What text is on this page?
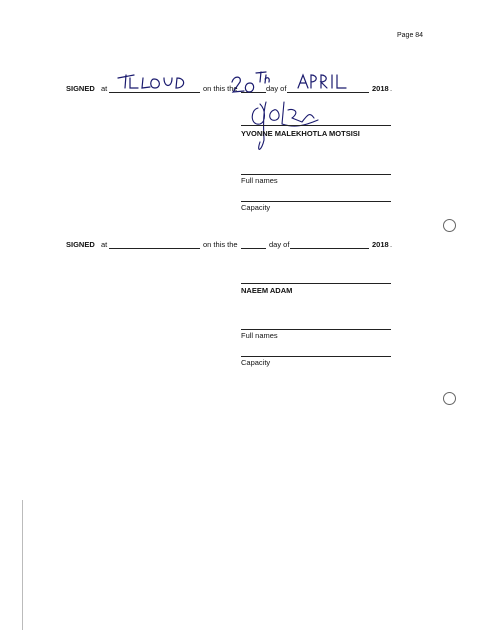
Page 84
SIGNED at	on this the	day of	2018 .
YVONNE MALEKHOTLA MOTSISI
Full names
Capacity
SIGNED at	on this the	day of	2018 .
NAEEM ADAM
Full names
Capacity
